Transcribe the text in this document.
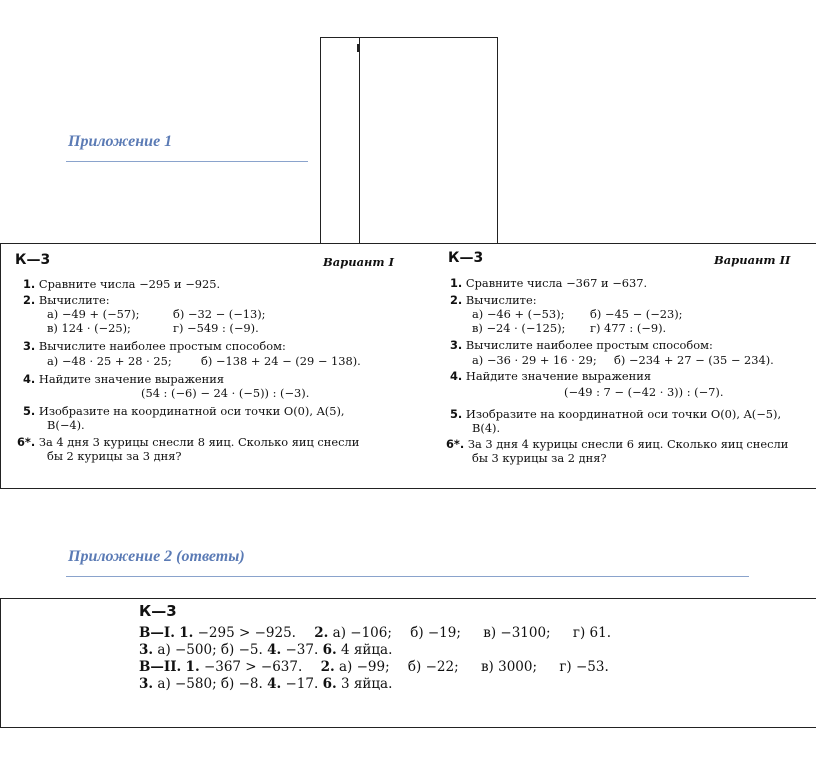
Приложение 1
К—3	Вариант I
1. Сравните числа −295 и −925.
2. Вычислите:
а) −49 + (−57);	б) −32 − (−13);
в) 124 · (−25);	г) −549 : (−9).
3. Вычислите наиболее простым способом:
а) −48 · 25 + 28 · 25;	б) −138 + 24 − (29 − 138).
4. Найдите значение выражения
(54 : (−6) − 24 · (−5)) : (−3).
5. Изобразите на координатной оси точки O(0), A(5),
B(−4).
6*. За 4 дня 3 курицы снесли 8 яиц. Сколько яиц снесли
бы 2 курицы за 3 дня?
К—3	Вариант II
1. Сравните числа −367 и −637.
2. Вычислите:
а) −46 + (−53); б) −45 − (−23);
в) −24 · (−125); г) 477 : (−9).
3. Вычислите наиболее простым способом:
а) −36 · 29 + 16 · 29; б) −234 + 27 − (35 − 234).
4. Найдите значение выражения
(−49 : 7 − (−42 · 3)) : (−7).
5. Изобразите на координатной оси точки O(0), A(−5),
B(4).
6*. За 3 дня 4 курицы снесли 6 яиц. Сколько яиц снесли
бы 3 курицы за 2 дня?
Приложение 2 (ответы)
К—3
В—I. 1. −295 > −925. 2. а) −106; б) −19; в) −3100; г) 61.
3. а) −500; б) −5. 4. −37. 6. 4 яйца.
В—II. 1. −367 > −637. 2. а) −99; б) −22; в) 3000; г) −53.
3. а) −580; б) −8. 4. −17. 6. 3 яйца.
